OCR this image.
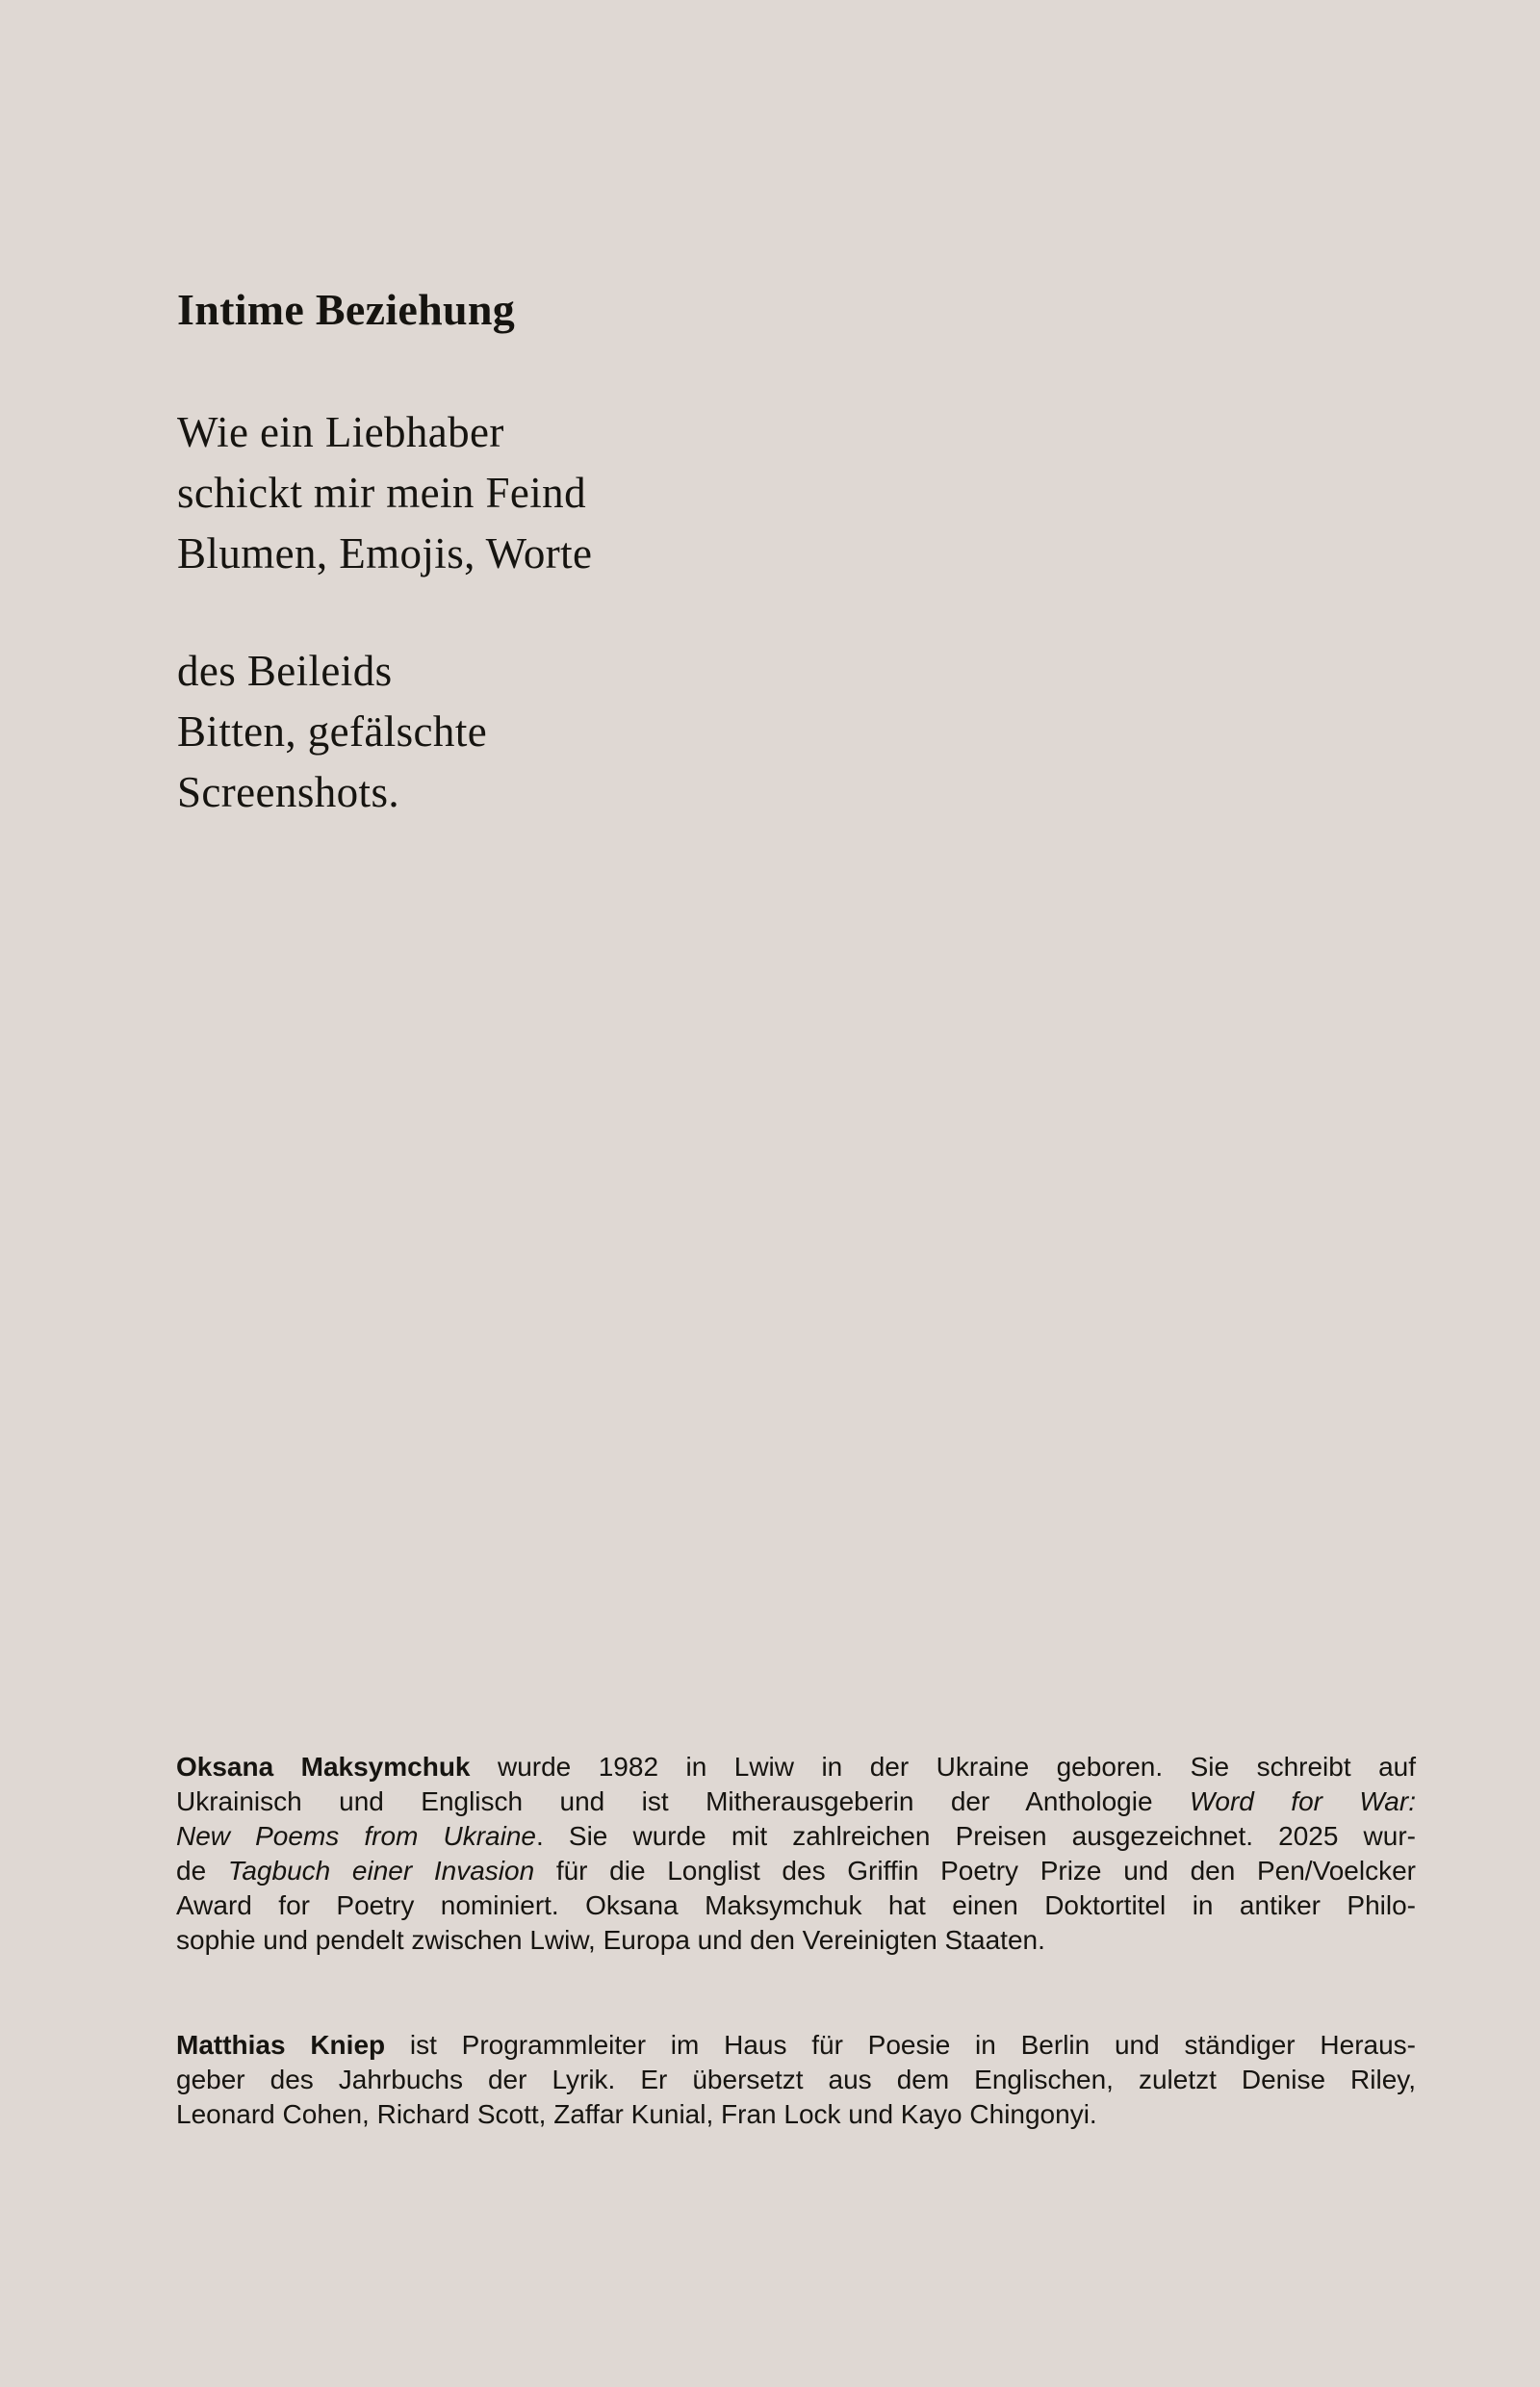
Intime Beziehung
Wie ein Liebhaber
schickt mir mein Feind
Blumen, Emojis, Worte
des Beileids
Bitten, gefälschte
Screenshots.
Oksana Maksymchuk wurde 1982 in Lwiw in der Ukraine geboren. Sie schreibt auf
Ukrainisch und Englisch und ist Mitherausgeberin der Anthologie Word for War:
New Poems from Ukraine. Sie wurde mit zahlreichen Preisen ausgezeichnet. 2025 wur-
de Tagbuch einer Invasion für die Longlist des Griffin Poetry Prize und den Pen/Voelcker
Award for Poetry nominiert. Oksana Maksymchuk hat einen Doktortitel in antiker Philo-
sophie und pendelt zwischen Lwiw, Europa und den Vereinigten Staaten.
Matthias Kniep ist Programmleiter im Haus für Poesie in Berlin und ständiger Heraus-
geber des Jahrbuchs der Lyrik. Er übersetzt aus dem Englischen, zuletzt Denise Riley,
Leonard Cohen, Richard Scott, Zaffar Kunial, Fran Lock und Kayo Chingonyi.
